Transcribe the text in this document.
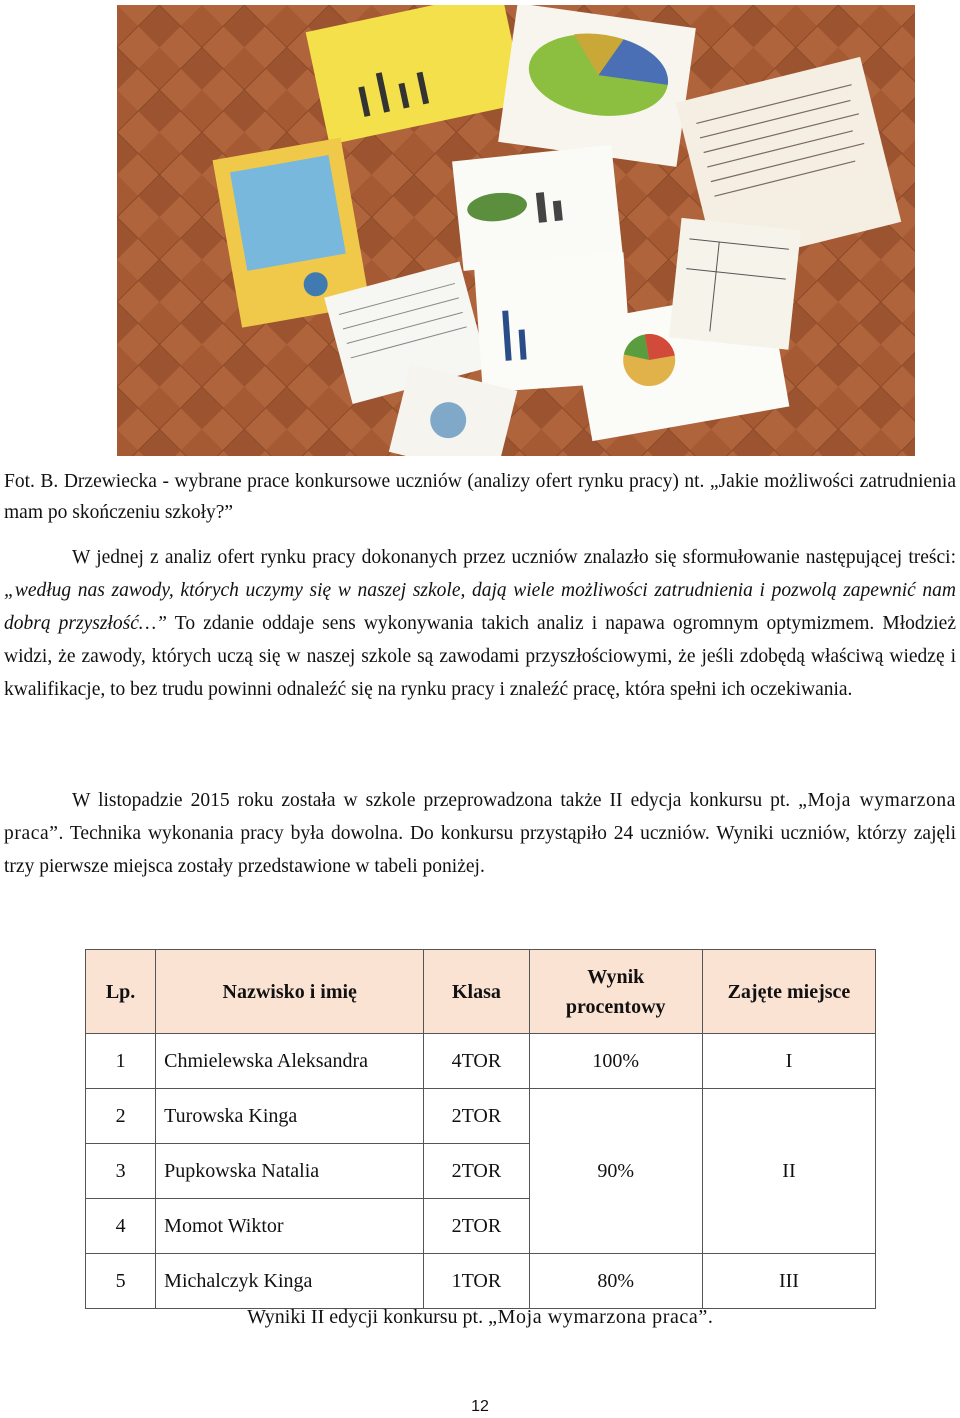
Fot. B. Drzewiecka - wybrane prace konkursowe uczniów (analizy ofert rynku pracy) nt. „Jakie możliwości zatrudnienia mam po skończeniu szkoły?”
W jednej z analiz ofert rynku pracy dokonanych przez uczniów znalazło się sformułowanie następującej treści: „według nas zawody, których uczymy się w naszej szkole, dają wiele możliwości zatrudnienia i pozwolą zapewnić nam dobrą przyszłość…” To zdanie oddaje sens wykonywania takich analiz i napawa ogromnym optymizmem. Młodzież widzi, że zawody, których uczą się w naszej szkole są zawodami przyszłościowymi, że jeśli zdobędą właściwą wiedzę i kwalifikacje, to bez trudu powinni odnaleźć się na rynku pracy i znaleźć pracę, która spełni ich oczekiwania.
W listopadzie 2015 roku została w szkole przeprowadzona także II edycja konkursu pt. „Moja wymarzona praca”. Technika wykonania pracy była dowolna. Do konkursu przystąpiło 24 uczniów. Wyniki uczniów, którzy zajęli trzy pierwsze miejsca zostały przedstawione w tabeli poniżej.
Lp.	Nazwisko i imię	Klasa	Wynik procentowy	Zajęte miejsce
1	Chmielewska Aleksandra	4TOR	100%	I
2	Turowska Kinga	2TOR	90%	II
3	Pupkowska Natalia	2TOR		
4	Momot Wiktor	2TOR		
5	Michalczyk Kinga	1TOR	80%	III
Wyniki II edycji konkursu pt. „Moja wymarzona praca”.
12
